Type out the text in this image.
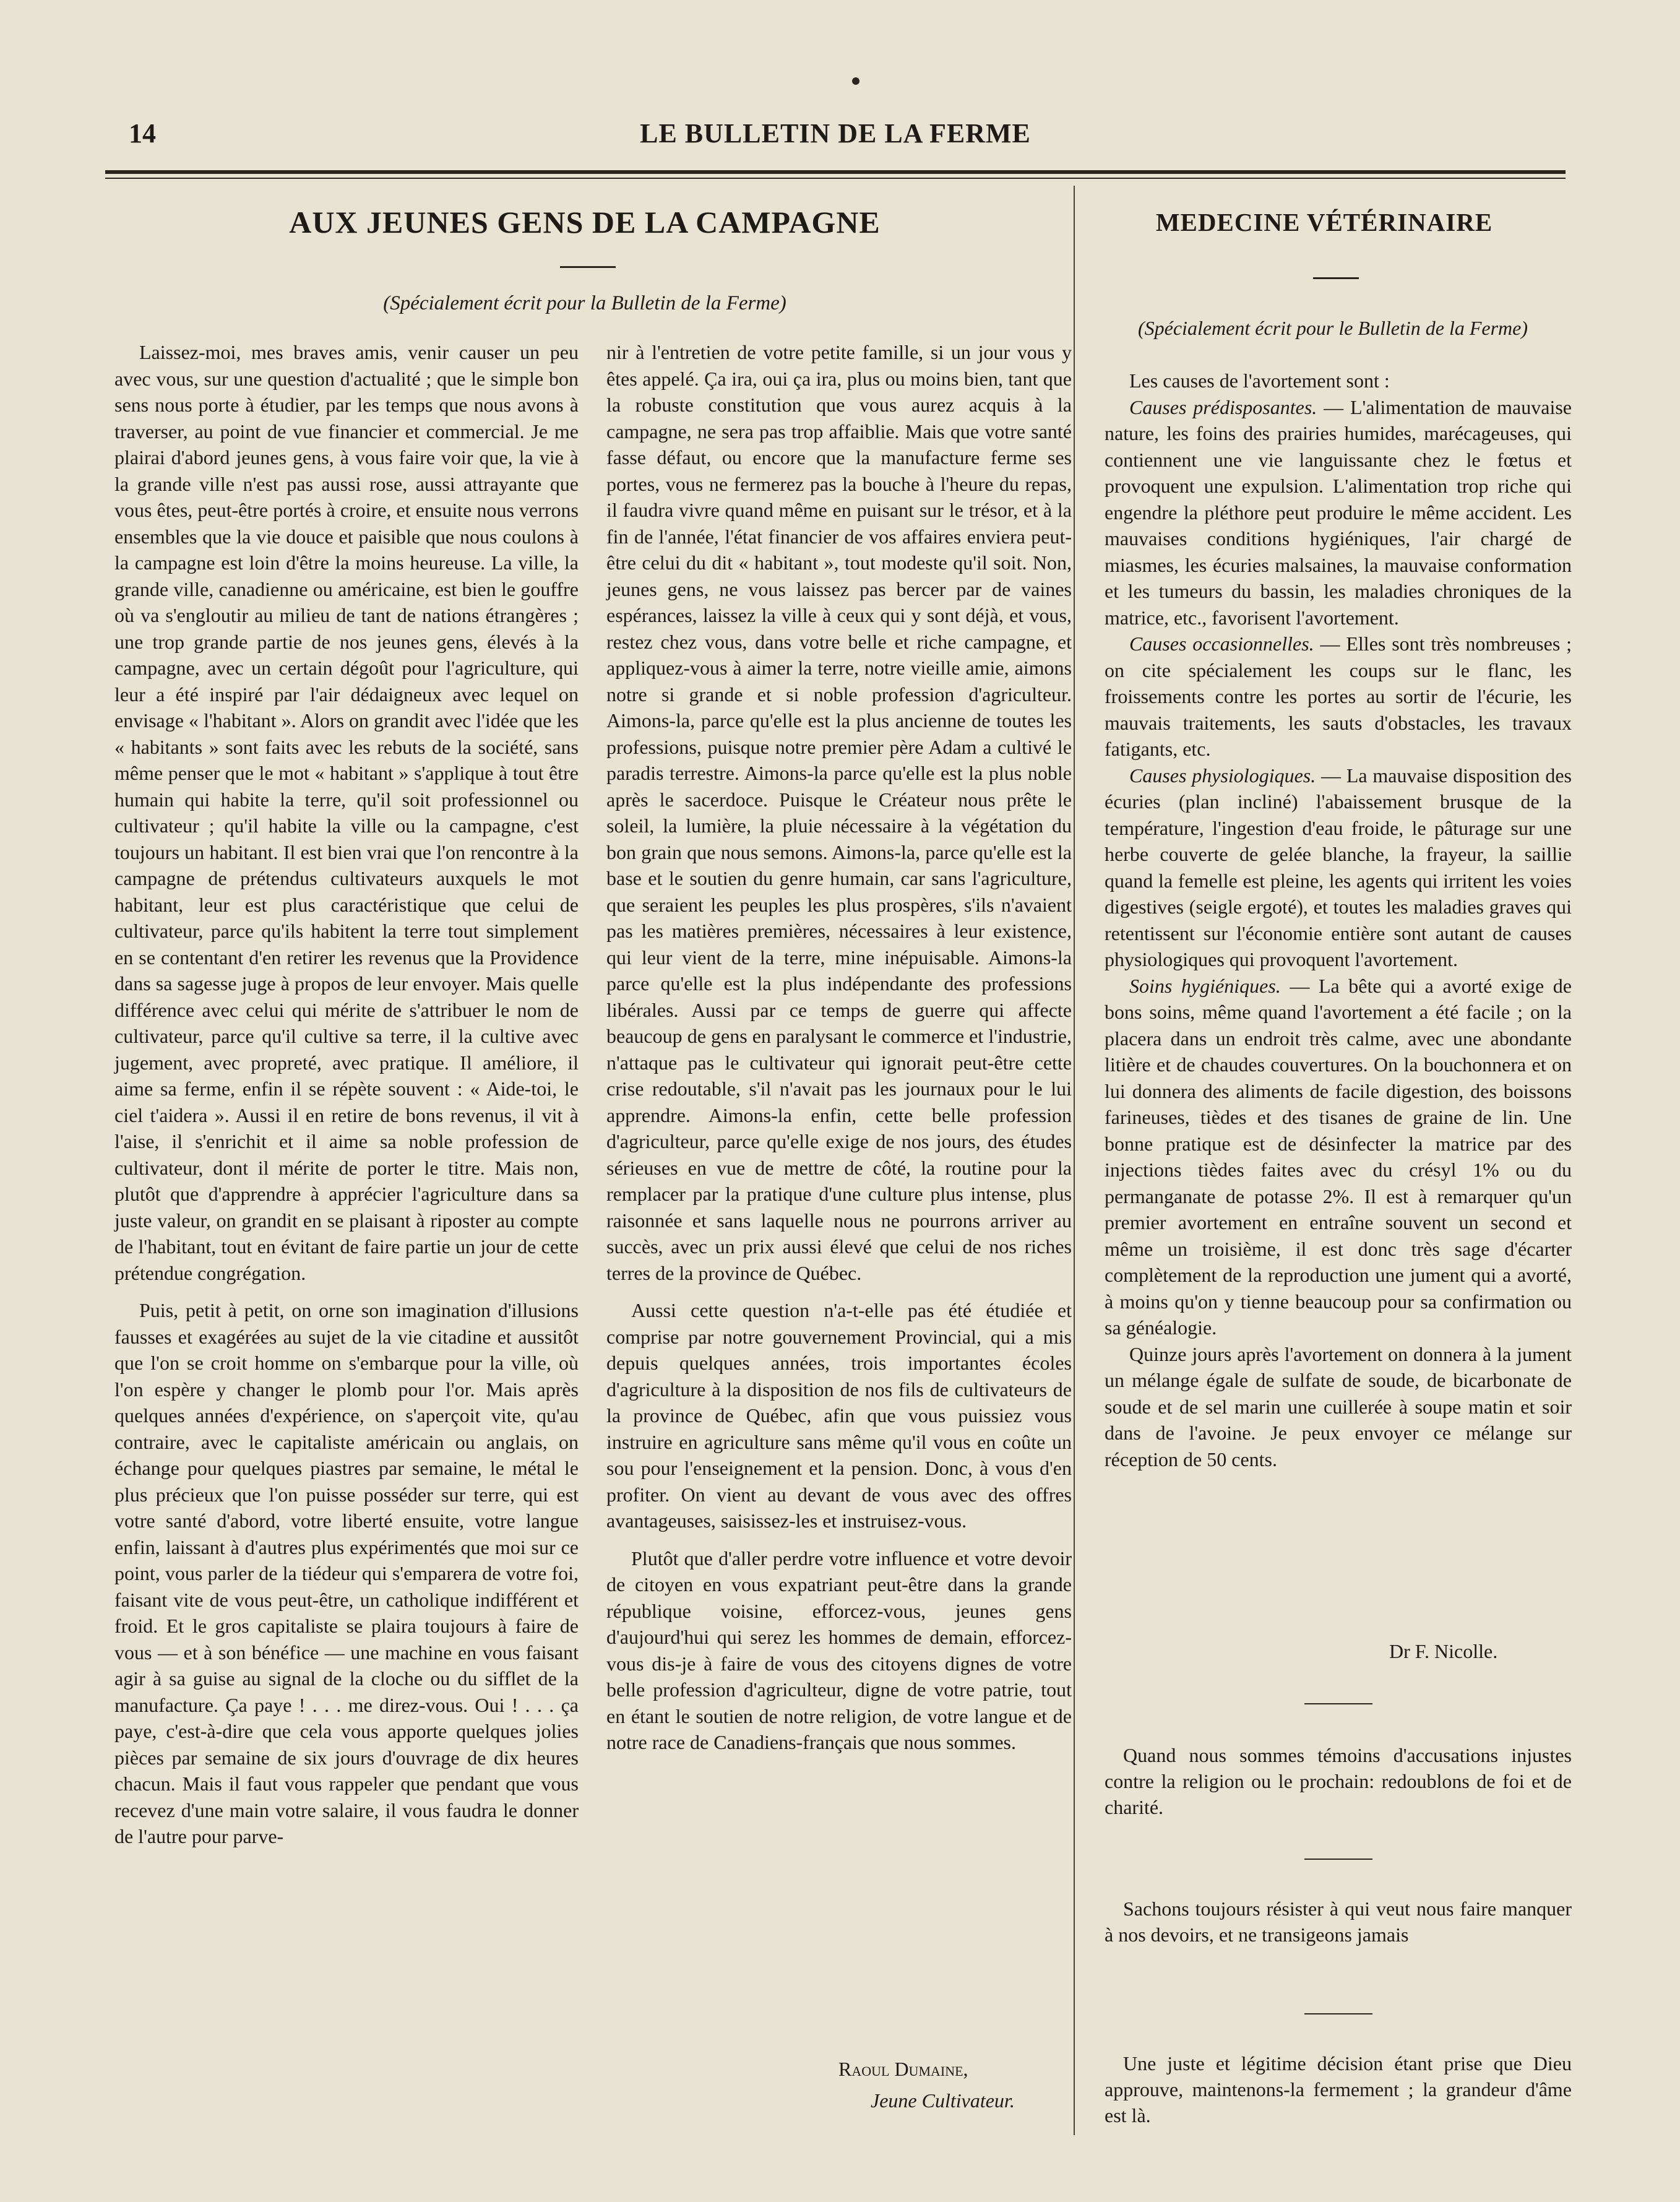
14	LE BULLETIN DE LA FERME
AUX JEUNES GENS DE LA CAMPAGNE
(Spécialement écrit pour la Bulletin de la Ferme)

Laissez-moi, mes braves amis, venir causer un peu avec vous, sur une question d'actualité ; que le simple bon sens nous porte à étudier, par les temps que nous avons à traverser, au point de vue financier et commercial. Je me plairai d'abord jeunes gens, à vous faire voir que, la vie à la grande ville n'est pas aussi rose, aussi attrayante que vous êtes, peut-être portés à croire, et ensuite nous verrons ensembles que la vie douce et paisible que nous coulons à la campagne est loin d'être la moins heureuse. La ville, la grande ville, canadienne ou américaine, est bien le gouffre où va s'engloutir au milieu de tant de nations étrangères ; une trop grande partie de nos jeunes gens, élevés à la campagne, avec un certain dégoût pour l'agriculture, qui leur a été inspiré par l'air dédaigneux avec lequel on envisage « l'habitant ». Alors on grandit avec l'idée que les « habitants » sont faits avec les rebuts de la société, sans même penser que le mot « habitant » s'applique à tout être humain qui habite la terre, qu'il soit professionnel ou cultivateur ; qu'il habite la ville ou la campagne, c'est toujours un habitant. Il est bien vrai que l'on rencontre à la campagne de prétendus cultivateurs auxquels le mot habitant, leur est plus caractéristique que celui de cultivateur, parce qu'ils habitent la terre tout simplement en se contentant d'en retirer les revenus que la Providence dans sa sagesse juge à propos de leur envoyer. Mais quelle différence avec celui qui mérite de s'attribuer le nom de cultivateur, parce qu'il cultive sa terre, il la cultive avec jugement, avec propreté, avec pratique. Il améliore, il aime sa ferme, enfin il se répète souvent : « Aide-toi, le ciel t'aidera ». Aussi il en retire de bons revenus, il vit à l'aise, il s'enrichit et il aime sa noble profession de cultivateur, dont il mérite de porter le titre. Mais non, plutôt que d'apprendre à apprécier l'agriculture dans sa juste valeur, on grandit en se plaisant à riposter au compte de l'habitant, tout en évitant de faire partie un jour de cette prétendue congrégation.

Puis, petit à petit, on orne son imagination d'illusions fausses et exagérées au sujet de la vie citadine et aussitôt que l'on se croit homme on s'embarque pour la ville, où l'on espère y changer le plomb pour l'or. Mais après quelques années d'expérience, on s'aperçoit vite, qu'au contraire, avec le capitaliste américain ou anglais, on échange pour quelques piastres par semaine, le métal le plus précieux que l'on puisse posséder sur terre, qui est votre santé d'abord, votre liberté ensuite, votre langue enfin, laissant à d'autres plus expérimentés que moi sur ce point, vous parler de la tiédeur qui s'emparera de votre foi, faisant vite de vous peut-être, un catholique indifférent et froid. Et le gros capitaliste se plaira toujours à faire de vous — et à son bénéfice — une machine en vous faisant agir à sa guise au signal de la cloche ou du sifflet de la manufacture. Ça paye ! . . . me direz-vous. Oui ! . . . ça paye, c'est-à-dire que cela vous apporte quelques jolies pièces par semaine de six jours d'ouvrage de dix heures chacun. Mais il faut vous rappeler que pendant que vous recevez d'une main votre salaire, il vous faudra le donner de l'autre pour parve-

nir à l'entretien de votre petite famille, si un jour vous y êtes appelé. Ça ira, oui ça ira, plus ou moins bien, tant que la robuste constitution que vous aurez acquis à la campagne, ne sera pas trop affaiblie. Mais que votre santé fasse défaut, ou encore que la manufacture ferme ses portes, vous ne fermerez pas la bouche à l'heure du repas, il faudra vivre quand même en puisant sur le trésor, et à la fin de l'année, l'état financier de vos affaires enviera peut-être celui du dit « habitant », tout modeste qu'il soit. Non, jeunes gens, ne vous laissez pas bercer par de vaines espérances, laissez la ville à ceux qui y sont déjà, et vous, restez chez vous, dans votre belle et riche campagne, et appliquez-vous à aimer la terre, notre vieille amie, aimons notre si grande et si noble profession d'agriculteur. Aimons-la, parce qu'elle est la plus ancienne de toutes les professions, puisque notre premier père Adam a cultivé le paradis terrestre. Aimons-la parce qu'elle est la plus noble après le sacerdoce. Puisque le Créateur nous prête le soleil, la lumière, la pluie nécessaire à la végétation du bon grain que nous semons. Aimons-la, parce qu'elle est la base et le soutien du genre humain, car sans l'agriculture, que seraient les peuples les plus prospères, s'ils n'avaient pas les matières premières, nécessaires à leur existence, qui leur vient de la terre, mine inépuisable. Aimons-la parce qu'elle est la plus indépendante des professions libérales. Aussi par ce temps de guerre qui affecte beaucoup de gens en paralysant le commerce et l'industrie, n'attaque pas le cultivateur qui ignorait peut-être cette crise redoutable, s'il n'avait pas les journaux pour le lui apprendre. Aimons-la enfin, cette belle profession d'agriculteur, parce qu'elle exige de nos jours, des études sérieuses en vue de mettre de côté, la routine pour la remplacer par la pratique d'une culture plus intense, plus raisonnée et sans laquelle nous ne pourrons arriver au succès, avec un prix aussi élevé que celui de nos riches terres de la province de Québec.

Aussi cette question n'a-t-elle pas été étudiée et comprise par notre gouvernement Provincial, qui a mis depuis quelques années, trois importantes écoles d'agriculture à la disposition de nos fils de cultivateurs de la province de Québec, afin que vous puissiez vous instruire en agriculture sans même qu'il vous en coûte un sou pour l'enseignement et la pension. Donc, à vous d'en profiter. On vient au devant de vous avec des offres avantageuses, saisissez-les et instruisez-vous.

Plutôt que d'aller perdre votre influence et votre devoir de citoyen en vous expatriant peut-être dans la grande république voisine, efforcez-vous, jeunes gens d'aujourd'hui qui serez les hommes de demain, efforcez-vous dis-je à faire de vous des citoyens dignes de votre belle profession d'agriculteur, digne de votre patrie, tout en étant le soutien de notre religion, de votre langue et de notre race de Canadiens-français que nous sommes.

Raoul Dumaine,
Jeune Cultivateur.
MEDECINE VÉTÉRINAIRE
(Spécialement écrit pour le Bulletin de la Ferme)

Les causes de l'avortement sont :

Causes prédisposantes. — L'alimentation de mauvaise nature, les foins des prairies humides, marécageuses, qui contiennent une vie languissante chez le fœtus et provoquent une expulsion. L'alimentation trop riche qui engendre la pléthore peut produire le même accident. Les mauvaises conditions hygiéniques, l'air chargé de miasmes, les écuries malsaines, la mauvaise conformation et les tumeurs du bassin, les maladies chroniques de la matrice, etc., favorisent l'avortement.

Causes occasionnelles. — Elles sont très nombreuses ; on cite spécialement les coups sur le flanc, les froissements contre les portes au sortir de l'écurie, les mauvais traitements, les sauts d'obstacles, les travaux fatigants, etc.

Causes physiologiques. — La mauvaise disposition des écuries (plan incliné) l'abaissement brusque de la température, l'ingestion d'eau froide, le pâturage sur une herbe couverte de gelée blanche, la frayeur, la saillie quand la femelle est pleine, les agents qui irritent les voies digestives (seigle ergoté), et toutes les maladies graves qui retentissent sur l'économie entière sont autant de causes physiologiques qui provoquent l'avortement.

Soins hygiéniques. — La bête qui a avorté exige de bons soins, même quand l'avortement a été facile ; on la placera dans un endroit très calme, avec une abondante litière et de chaudes couvertures. On la bouchonnera et on lui donnera des aliments de facile digestion, des boissons farineuses, tièdes et des tisanes de graine de lin. Une bonne pratique est de désinfecter la matrice par des injections tièdes faites avec du crésyl 1% ou du permanganate de potasse 2%. Il est à remarquer qu'un premier avortement en entraîne souvent un second et même un troisième, il est donc très sage d'écarter complètement de la reproduction une jument qui a avorté, à moins qu'on y tienne beaucoup pour sa confirmation ou sa généalogie.

Quinze jours après l'avortement on donnera à la jument un mélange égale de sulfate de soude, de bicarbonate de soude et de sel marin une cuillerée à soupe matin et soir dans de l'avoine. Je peux envoyer ce mélange sur réception de 50 cents.

Dr F. Nicolle.
Quand nous sommes témoins d'accusations injustes contre la religion ou le prochain: redoublons de foi et de charité.
Sachons toujours résister à qui veut nous faire manquer à nos devoirs, et ne transigeons jamais
Une juste et légitime décision étant prise que Dieu approuve, maintenons-la fermement ; la grandeur d'âme est là.
